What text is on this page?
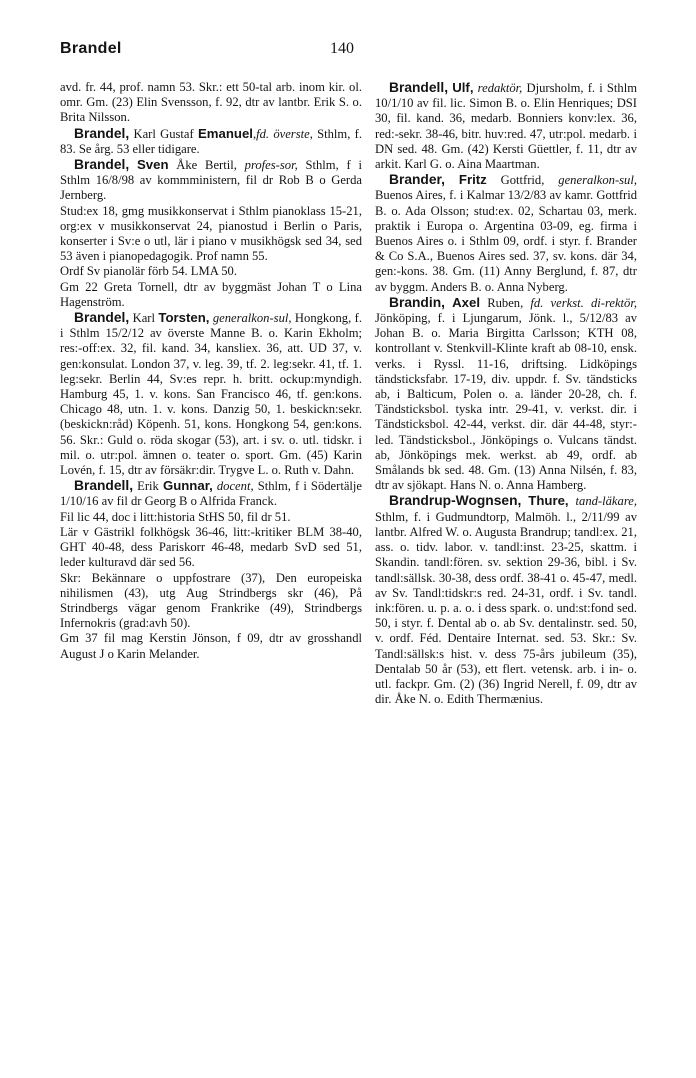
Brandel	140

avd. fr. 44, prof. namn 53. Skr.: ett 50-tal arb. inom kir. ol. omr. Gm. (23) Elin Svensson, f. 92, dtr av lantbr. Erik S. o. Brita Nilsson.

Brandel, Karl Gustaf Emanuel,fd. överste, Sthlm, f. 83. Se årg. 53 eller tidigare.

Brandel, Sven Åke Bertil, profes-sor, Sthlm, f i Sthlm 16/8/98 av kommministern, fil dr Rob B o Gerda Jernberg.

Stud:ex 18, gmg musikkonservat i Sthlm pianoklass 15-21, org:ex v musikkonservat 24, pianostud i Berlin o Paris, konserter i Sv:e o utl, lär i piano v musikhögsk sed 34, sed 53 även i pianopedagogik. Prof namn 55.

Ordf Sv pianolär förb 54. LMA 50.

Gm 22 Greta Tornell, dtr av byggmäst Johan T o Lina Hagenström.

Brandel, Karl Torsten, generalkon-sul, Hongkong, f. i Sthlm 15/2/12 av överste Manne B. o. Karin Ekholm; res:-off:ex. 32, fil. kand. 34, kansliex. 36, att. UD 37, v. gen:konsulat. London 37, v. leg. 39, tf. 2. leg:sekr. 41, tf. 1. leg:sekr. Berlin 44, Sv:es repr. h. britt. ockup:myndigh. Hamburg 45, 1. v. kons. San Francisco 46, tf. gen:kons. Chicago 48, utn. 1. v. kons. Danzig 50, 1. beskickn:sekr. (beskickn:råd) Köpenh. 51, kons. Hongkong 54, gen:kons. 56. Skr.: Guld o. röda skogar (53), art. i sv. o. utl. tidskr. i mil. o. utr:pol. ämnen o. teater o. sport. Gm. (45) Karin Lovén, f. 15, dtr av försäkr:dir. Trygve L. o. Ruth v. Dahn.

Brandell, Erik Gunnar, docent, Sthlm, f i Södertälje 1/10/16 av fil dr Georg B o Alfrida Franck.

Fil lic 44, doc i litt:historia StHS 50, fil dr 51.

Lär v Gästrikl folkhögsk 36-46, litt:-kritiker BLM 38-40, GHT 40-48, dess Pariskorr 46-48, medarb SvD sed 51, leder kulturavd där sed 56.

Skr: Bekännare o uppfostrare (37), Den europeiska nihilismen (43), utg Aug Strindbergs skr (46), På Strindbergs vägar genom Frankrike (49), Strindbergs Infernokris (grad:avh 50).

Gm 37 fil mag Kerstin Jönson, f 09, dtr av grosshandl August J o Karin Melander.

Brandell, Ulf, redaktör, Djursholm, f. i Sthlm 10/1/10 av fil. lic. Simon B. o. Elin Henriques; DSI 30, fil. kand. 36, medarb. Bonniers konv:lex. 36, red:-sekr. 38-46, bitr. huv:red. 47, utr:pol. medarb. i DN sed. 48. Gm. (42) Kersti Güettler, f. 11, dtr av arkit. Karl G. o. Aina Maartman.

Brander, Fritz Gottfrid, generalkon-sul, Buenos Aires, f. i Kalmar 13/2/83 av kamr. Gottfrid B. o. Ada Olsson; stud:ex. 02, Schartau 03, merk. praktik i Europa o. Argentina 03-09, eg. firma i Buenos Aires o. i Sthlm 09, ordf. i styr. f. Brander & Co S.A., Buenos Aires sed. 37, sv. kons. där 34, gen:-kons. 38. Gm. (11) Anny Berglund, f. 87, dtr av byggm. Anders B. o. Anna Nyberg.

Brandin, Axel Ruben, fd. verkst. di-rektör, Jönköping, f. i Ljungarum, Jönk. l., 5/12/83 av Johan B. o. Maria Birgitta Carlsson; KTH 08, kontrollant v. Stenkvill-Klinte kraft ab 08-10, ensk. verks. i Ryssl. 11-16, driftsing. Lidköpings tändsticksfabr. 17-19, div. uppdr. f. Sv. tändsticks ab, i Balticum, Polen o. a. länder 20-28, ch. f. Tändsticksbol. tyska intr. 29-41, v. verkst. dir. i Tändsticksbol. 42-44, verkst. dir. där 44-48, styr:-led. Tändsticksbol., Jönköpings o. Vulcans tändst. ab, Jönköpings mek. werkst. ab 49, ordf. ab Smålands bk sed. 48. Gm. (13) Anna Nilsén, f. 83, dtr av sjökapt. Hans N. o. Anna Hamberg.

Brandrup-Wognsen, Thure, tand-läkare, Sthlm, f. i Gudmundtorp, Malmöh. l., 2/11/99 av lantbr. Alfred W. o. Augusta Brandrup; tandl:ex. 21, ass. o. tidv. labor. v. tandl:inst. 23-25, skattm. i Skandin. tandl:fören. sv. sektion 29-36, bibl. i Sv. tandl:sällsk. 30-38, dess ordf. 38-41 o. 45-47, medl. av Sv. Tandl:tidskr:s red. 24-31, ordf. i Sv. tandl. ink:fören. u. p. a. o. i dess spark. o. und:st:fond sed. 50, i styr. f. Dental ab o. ab Sv. dentalinstr. sed. 50, v. ordf. Féd. Dentaire Internat. sed. 53. Skr.: Sv. Tandl:sällsk:s hist. v. dess 75-års jubileum (35), Dentalab 50 år (53), ett flert. vetensk. arb. i in- o. utl. fackpr. Gm. (2) (36) Ingrid Nerell, f. 09, dtr av dir. Åke N. o. Edith Thermænius.
